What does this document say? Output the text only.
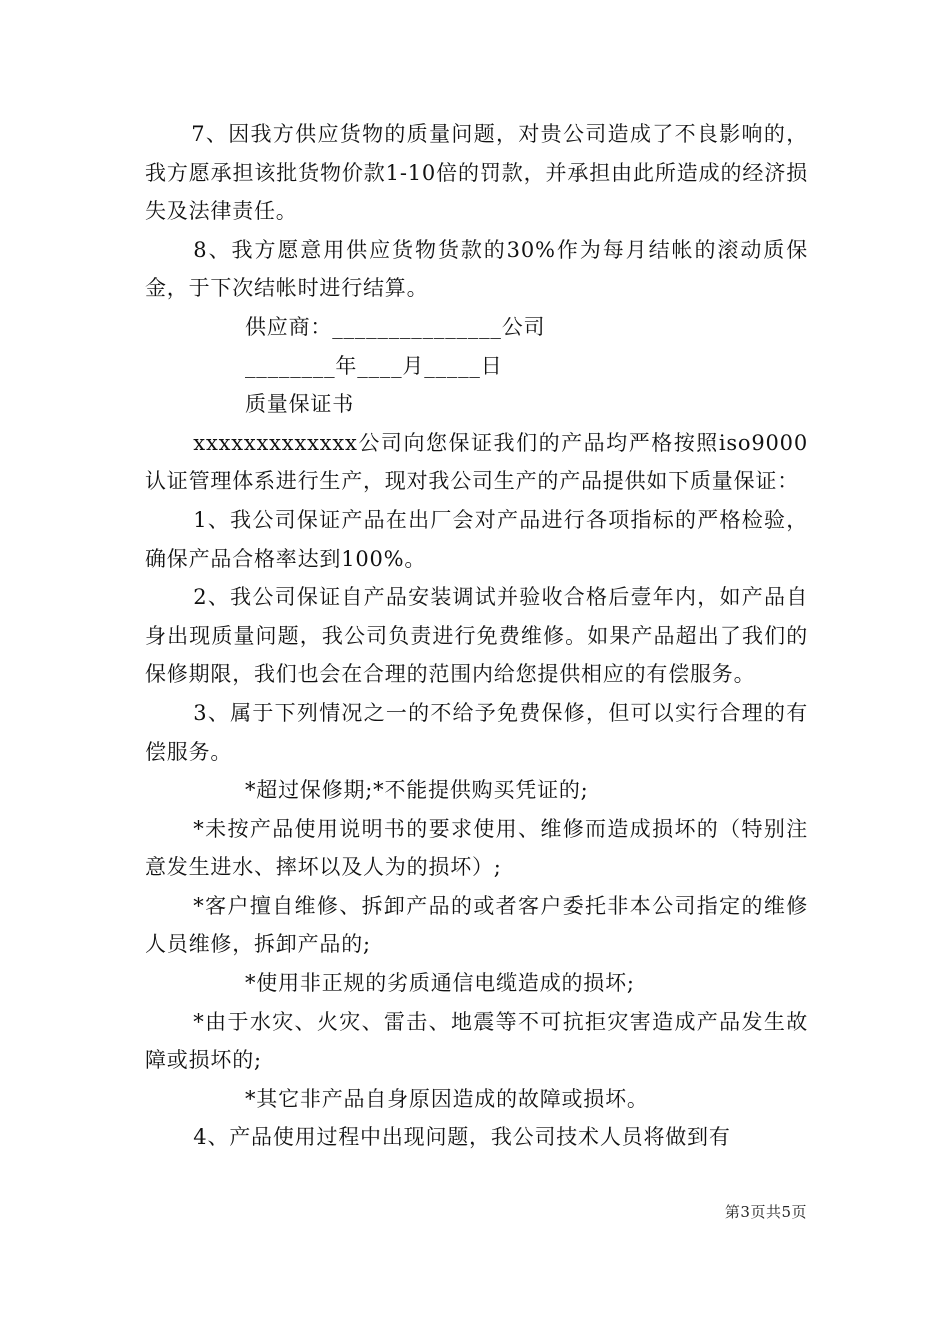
7、因我方供应货物的质量问题，对贵公司造成了不良影响的，我方愿承担该批货物价款1-10倍的罚款，并承担由此所造成的经济损失及法律责任。

8、我方愿意用供应货物货款的30%作为每月结帐的滚动质保金，于下次结帐时进行结算。

供应商：_______________公司

________年____月_____日

质量保证书

xxxxxxxxxxxxx公司向您保证我们的产品均严格按照iso9000认证管理体系进行生产，现对我公司生产的产品提供如下质量保证：

1、我公司保证产品在出厂会对产品进行各项指标的严格检验，确保产品合格率达到100%。

2、我公司保证自产品安装调试并验收合格后壹年内，如产品自身出现质量问题，我公司负责进行免费维修。如果产品超出了我们的保修期限，我们也会在合理的范围内给您提供相应的有偿服务。

3、属于下列情况之一的不给予免费保修，但可以实行合理的有偿服务。

*超过保修期;*不能提供购买凭证的;

*未按产品使用说明书的要求使用、维修而造成损坏的（特别注意发生进水、摔坏以及人为的损坏）;

*客户擅自维修、拆卸产品的或者客户委托非本公司指定的维修人员维修，拆卸产品的;

*使用非正规的劣质通信电缆造成的损坏;

*由于水灾、火灾、雷击、地震等不可抗拒灾害造成产品发生故障或损坏的;

*其它非产品自身原因造成的故障或损坏。

4、产品使用过程中出现问题，我公司技术人员将做到有

第3页共5页
